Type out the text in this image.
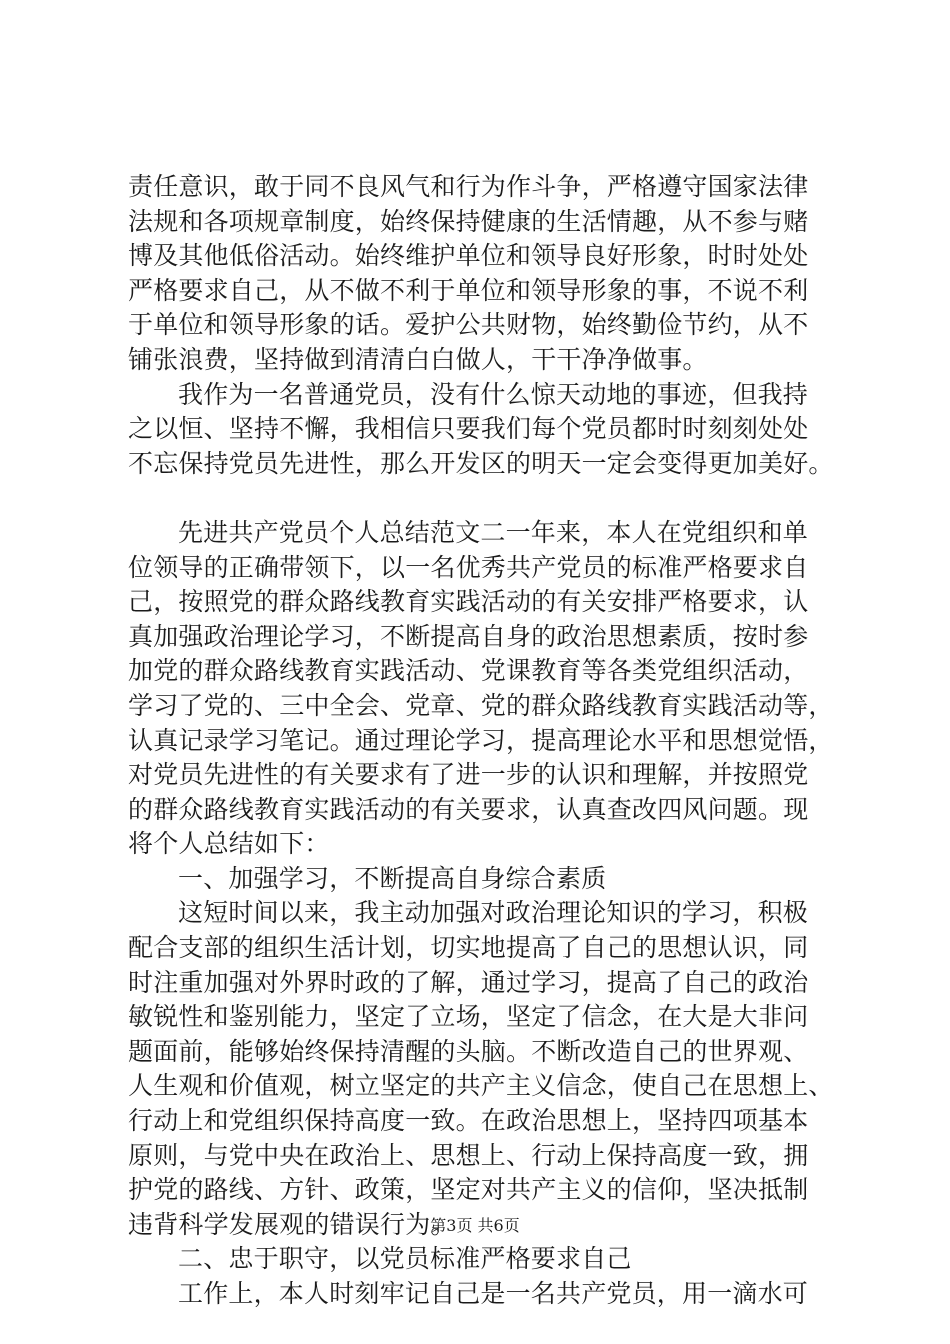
责任意识，敢于同不良风气和行为作斗争，严格遵守国家法律
法规和各项规章制度，始终保持健康的生活情趣，从不参与赌
博及其他低俗活动。始终维护单位和领导良好形象，时时处处
严格要求自己，从不做不利于单位和领导形象的事，不说不利
于单位和领导形象的话。爱护公共财物，始终勤俭节约，从不
铺张浪费，坚持做到清清白白做人，干干净净做事。
我作为一名普通党员，没有什么惊天动地的事迹，但我持
之以恒、坚持不懈，我相信只要我们每个党员都时时刻刻处处
不忘保持党员先进性，那么开发区的明天一定会变得更加美好。
先进共产党员个人总结范文二一年来，本人在党组织和单
位领导的正确带领下，以一名优秀共产党员的标准严格要求自
己，按照党的群众路线教育实践活动的有关安排严格要求，认
真加强政治理论学习，不断提高自身的政治思想素质，按时参
加党的群众路线教育实践活动、党课教育等各类党组织活动，
学习了党的、三中全会、党章、党的群众路线教育实践活动等，
认真记录学习笔记。通过理论学习，提高理论水平和思想觉悟，
对党员先进性的有关要求有了进一步的认识和理解，并按照党
的群众路线教育实践活动的有关要求，认真查改四风问题。现
将个人总结如下：
一、加强学习，不断提高自身综合素质
这短时间以来，我主动加强对政治理论知识的学习，积极
配合支部的组织生活计划，切实地提高了自己的思想认识，同
时注重加强对外界时政的了解，通过学习，提高了自己的政治
敏锐性和鉴别能力，坚定了立场，坚定了信念，在大是大非问
题面前，能够始终保持清醒的头脑。不断改造自己的世界观、
人生观和价值观，树立坚定的共产主义信念，使自己在思想上、
行动上和党组织保持高度一致。在政治思想上，坚持四项基本
原则，与党中央在政治上、思想上、行动上保持高度一致，拥
护党的路线、方针、政策，坚定对共产主义的信仰，坚决抵制
违背科学发展观的错误行为。
二、忠于职守，以党员标准严格要求自己
工作上，本人时刻牢记自己是一名共产党员，用一滴水可
第3页 共6页
